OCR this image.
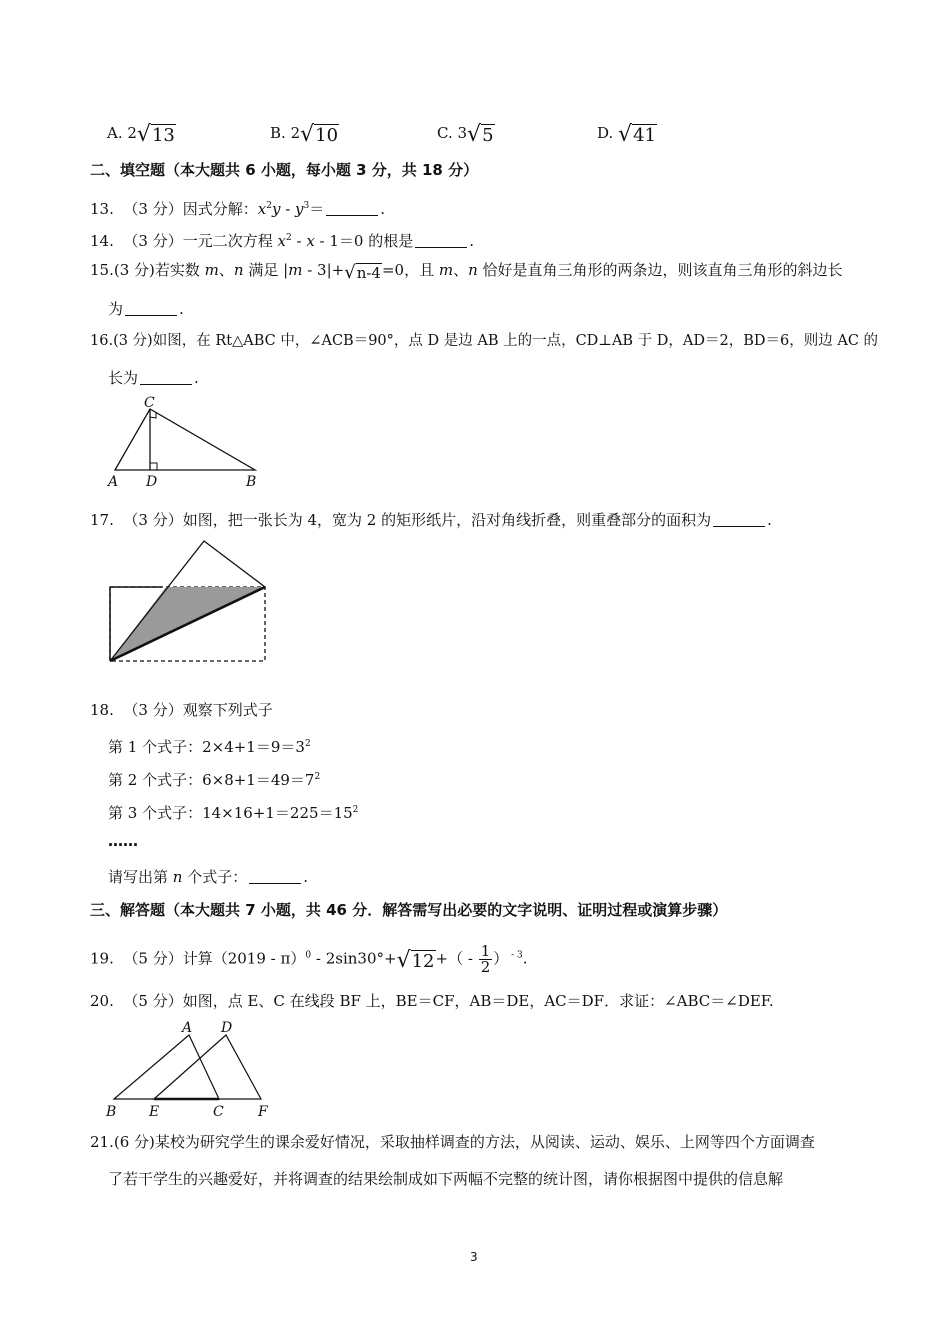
A. 2√13	B. 2√10	C. 3√5	D. √41
二、填空题（本大题共 6 小题，每小题 3 分，共 18 分）
13. （3 分）因式分解：$x^2y - y^3=$	.
14. （3 分）一元二次方程 $x^2 - x - 1=0$ 的根是	.
15.(3 分)若实数 m、n 满足 |m - 3|+√n-4=0，且 m、n 恰好是直角三角形的两条边，则该直角三角形的斜边长
为	.
16.(3 分)如图，在 Rt△ABC 中，∠ACB＝90°，点 D 是边 AB 上的一点，CD⊥AB 于 D，AD＝2，BD＝6，则边 AC 的
长为	.
C
A D	B
17. （3 分）如图，把一张长为 4，宽为 2 的矩形纸片，沿对角线折叠，则重叠部分的面积为	.
18. （3 分）观察下列式子
第 1 个式子：$2\times 4+1=9=3^2$
第 2 个式子：$6\times 8+1=49=7^2$
第 3 个式子：$14\times 16+1=225=15^2$
……
请写出第 n 个式子：	.
三、解答题（本大题共 7 小题，共 46 分．解答需写出必要的文字说明、证明过程或演算步骤）
19. （5 分）计算$(2019 - \pi)^0 - 2\sin 30^\circ+√12+( - \frac{1}{2}$ ） $^{- 3}$.
20. （5 分）如图，点 E、C 在线段 BF 上，BE＝CF，AB＝DE，AC＝DF．求证：∠ABC＝∠DEF.
A D
B E	C F
21.(6 分)某校为研究学生的课余爱好情况，采取抽样调查的方法，从阅读、运动、娱乐、上网等四个方面调查
了若干学生的兴趣爱好，并将调查的结果绘制成如下两幅不完整的统计图，请你根据图中提供的信息解
3
